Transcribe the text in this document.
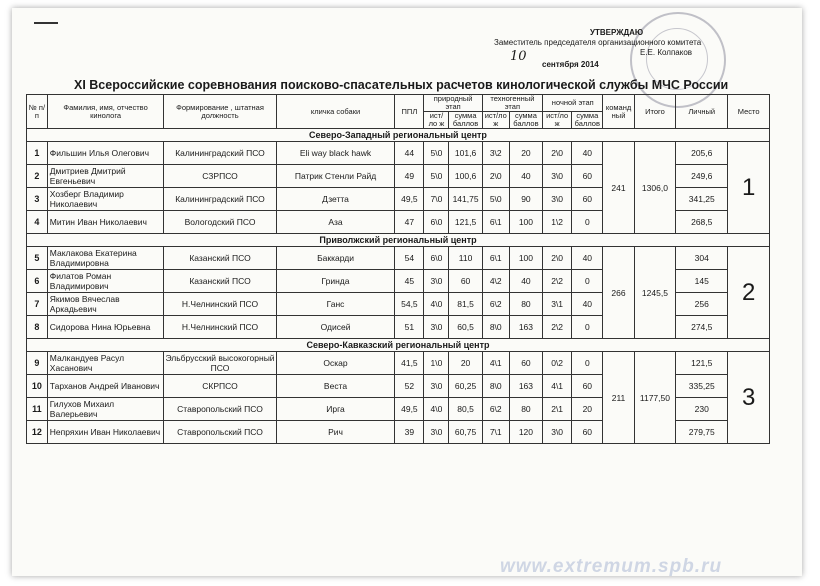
УТВЕРЖДАЮ
Заместитель председателя организационного комитета
Е.Е. Колпаков
10
сентября 2014
XI Всероссийские соревнования поисково-спасательных расчетов кинологической службы МЧС России
№ п/п	Фамилия, имя, отчество кинолога	Формирование , штатная должность	кличка собаки	ППЛ	природный этап		техногенный этап		ночной этап		команд ный	Итого	Личный	Место
					ист/ло ж	сумма баллов	ист/ло ж	сумма баллов	ист/ло ж	сумма баллов				
Северо-Западный региональный центр														
1	Фильшин Илья Олегович	Калининградский ПСО	Eli way black hawk	44	5\0	101,6	3\2	20	2\0	40	241	1306,0	205,6	1
2	Дмитриев Дмитрий Евгеньевич	СЗРПСО	Патрик Стенли Райд	49	5\0	100,6	2\0	40	3\0	60			249,6	
3	Хозберг Владимир Николаевич	Калининградский ПСО	Дзетта	49,5	7\0	141,75	5\0	90	3\0	60			341,25	
4	Митин Иван Николаевич	Вологодский ПСО	Аза	47	6\0	121,5	6\1	100	1\2	0			268,5	
Приволжский региональный центр														
5	Маклакова Екатерина Владимировна	Казанский ПСО	Баккарди	54	6\0	110	6\1	100	2\0	40	266	1245,5	304	2
6	Филатов Роман Владимирович	Казанский ПСО	Гринда	45	3\0	60	4\2	40	2\2	0			145	
7	Якимов Вячеслав Аркадьевич	Н.Челнинский ПСО	Ганс	54,5	4\0	81,5	6\2	80	3\1	40			256	
8	Сидорова Нина Юрьевна	Н.Челнинский ПСО	Одисей	51	3\0	60,5	8\0	163	2\2	0			274,5	
Северо-Кавказский региональный центр														
9	Малкандуев Расул Хасанович	Эльбрусский высокогорный ПСО	Оскар	41,5	1\0	20	4\1	60	0\2	0	211	1177,50	121,5	3
10	Тарханов Андрей Иванович	СКРПСО	Веста	52	3\0	60,25	8\0	163	4\1	60			335,25	
11	Гилухов Михаил Валерьевич	Ставропольский ПСО	Ирга	49,5	4\0	80,5	6\2	80	2\1	20			230	
12	Непряхин Иван Николаевич	Ставропольский ПСО	Рич	39	3\0	60,75	7\1	120	3\0	60			279,75	
www.extremum.spb.ru
